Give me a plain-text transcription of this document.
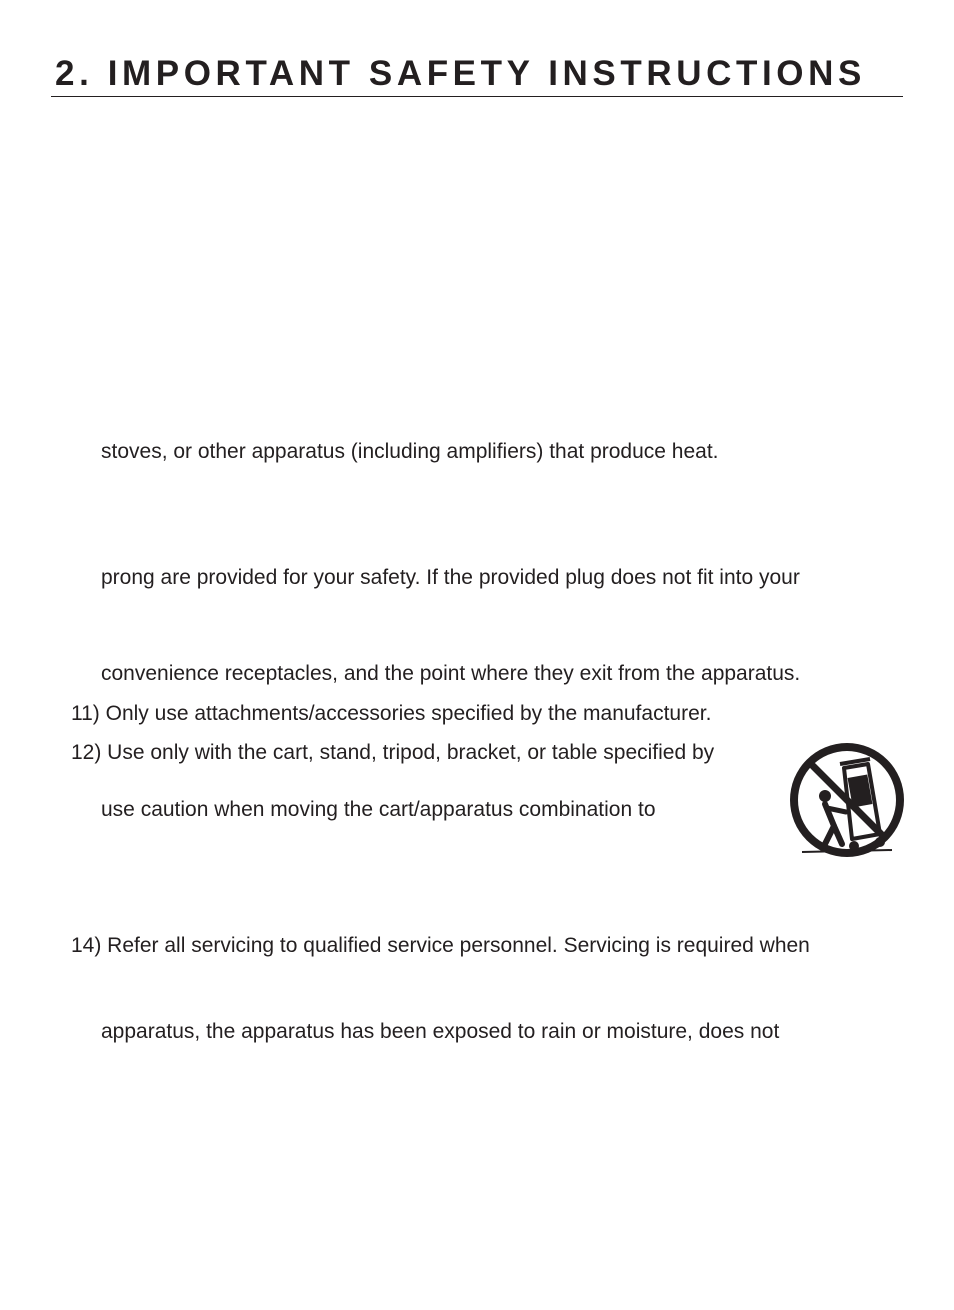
2. IMPORTANT SAFETY INSTRUCTIONS

stoves, or other apparatus (including amplifiers) that produce heat.

prong are provided for your safety. If the provided plug does not fit into your

convenience receptacles, and the point where they exit from the apparatus.

11) Only use attachments/accessories specified by the manufacturer.

12) Use only with the cart, stand, tripod, bracket, or table specified by

use caution when moving the cart/apparatus combination to

14) Refer all servicing to qualified service personnel. Servicing is required when

apparatus, the apparatus has been exposed to rain or moisture, does not
